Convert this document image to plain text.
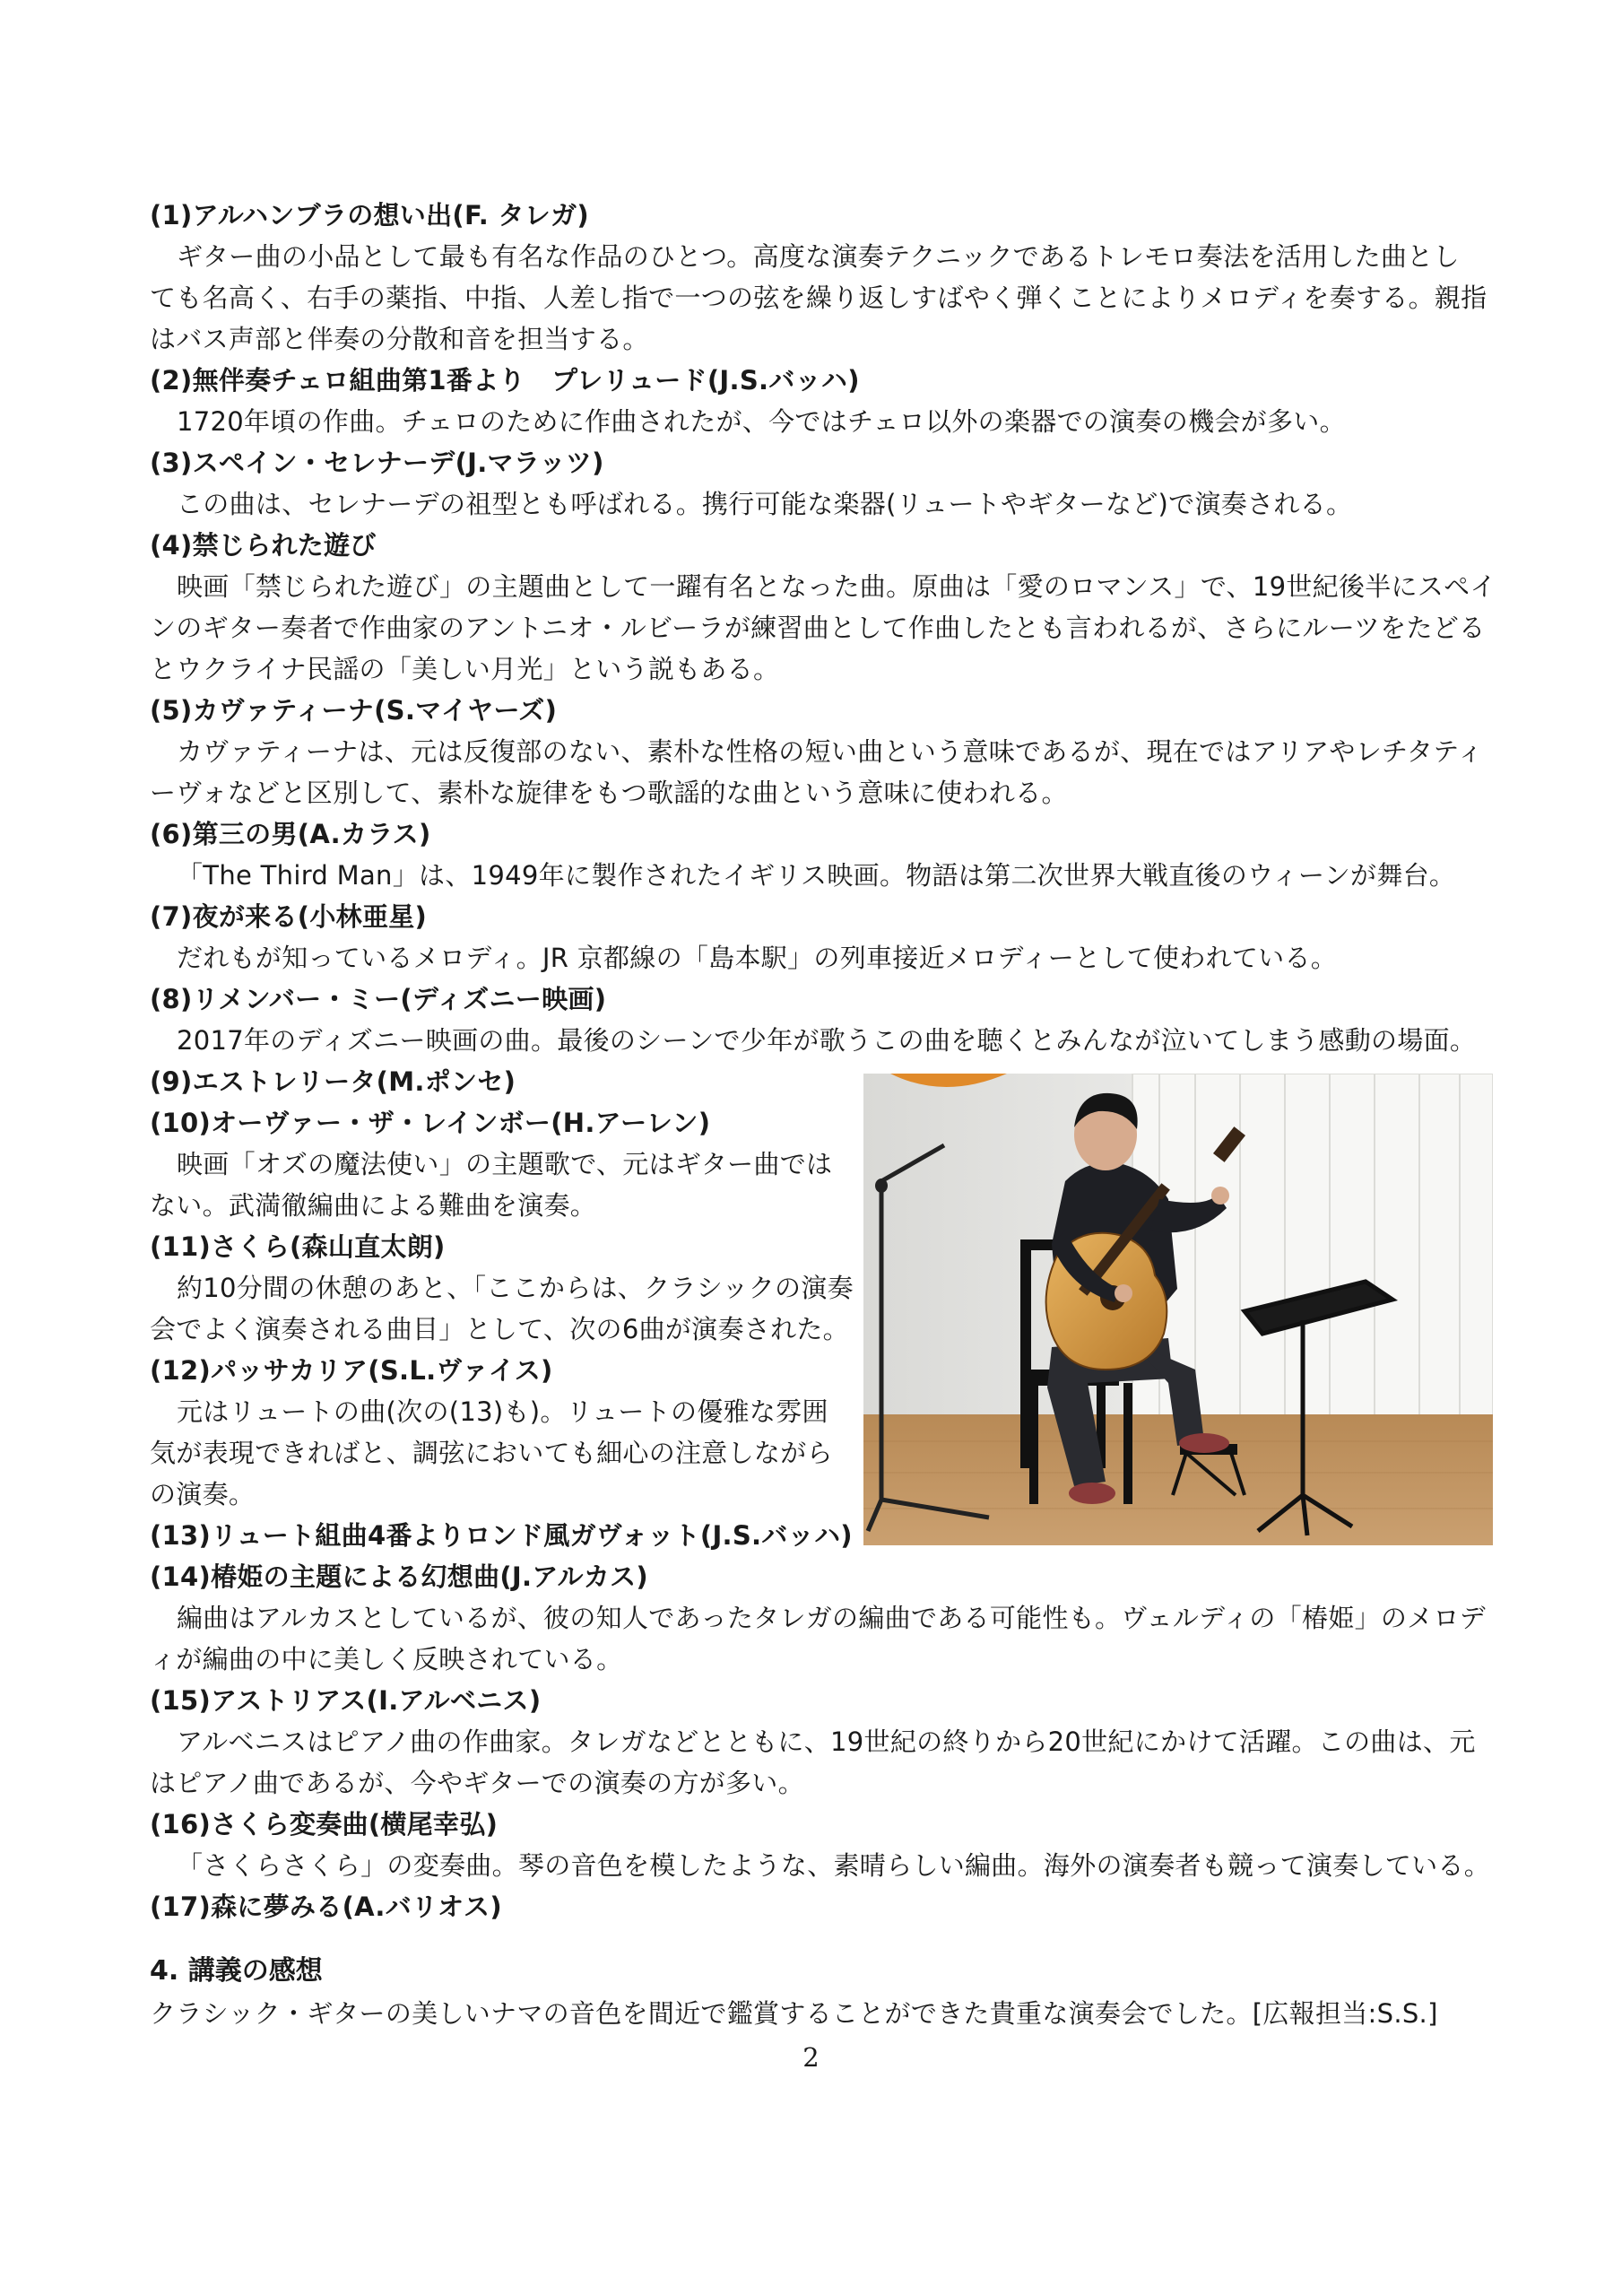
(1)アルハンブラの想い出(F. タレガ)
ギター曲の小品として最も有名な作品のひとつ。高度な演奏テクニックであるトレモロ奏法を活用した曲とし
ても名高く、右手の薬指、中指、人差し指で一つの弦を繰り返しすばやく弾くことによりメロディを奏する。親指
はバス声部と伴奏の分散和音を担当する。
(2)無伴奏チェロ組曲第1番より　プレリュード(J.S.バッハ)
1720年頃の作曲。チェロのために作曲されたが、今ではチェロ以外の楽器での演奏の機会が多い。
(3)スペイン・セレナーデ(J.マラッツ)
この曲は、セレナーデの祖型とも呼ばれる。携行可能な楽器(リュートやギターなど)で演奏される。
(4)禁じられた遊び
映画「禁じられた遊び」の主題曲として一躍有名となった曲。原曲は「愛のロマンス」で、19世紀後半にスペイ
ンのギター奏者で作曲家のアントニオ・ルビーラが練習曲として作曲したとも言われるが、さらにルーツをたどる
とウクライナ民謡の「美しい月光」という説もある。
(5)カヴァティーナ(S.マイヤーズ)
カヴァティーナは、元は反復部のない、素朴な性格の短い曲という意味であるが、現在ではアリアやレチタティ
ーヴォなどと区別して、素朴な旋律をもつ歌謡的な曲という意味に使われる。
(6)第三の男(A.カラス)
「The Third Man」は、1949年に製作されたイギリス映画。物語は第二次世界大戦直後のウィーンが舞台。
(7)夜が来る(小林亜星)
だれもが知っているメロディ。JR 京都線の「島本駅」の列車接近メロディーとして使われている。
(8)リメンバー・ミー(ディズニー映画)
2017年のディズニー映画の曲。最後のシーンで少年が歌うこの曲を聴くとみんなが泣いてしまう感動の場面。
(9)エストレリータ(M.ポンセ)
(10)オーヴァー・ザ・レインボー(H.アーレン)
映画「オズの魔法使い」の主題歌で、元はギター曲では
ない。武満徹編曲による難曲を演奏。
(11)さくら(森山直太朗)
約10分間の休憩のあと、「ここからは、クラシックの演奏
会でよく演奏される曲目」として、次の6曲が演奏された。
(12)パッサカリア(S.L.ヴァイス)
元はリュートの曲(次の(13)も)。リュートの優雅な雰囲
気が表現できればと、調弦においても細心の注意しながら
の演奏。
(13)リュート組曲4番よりロンド風ガヴォット(J.S.バッハ)
(14)椿姫の主題による幻想曲(J.アルカス)
編曲はアルカスとしているが、彼の知人であったタレガの編曲である可能性も。ヴェルディの「椿姫」のメロデ
ィが編曲の中に美しく反映されている。
(15)アストリアス(I.アルベニス)
アルベニスはピアノ曲の作曲家。タレガなどとともに、19世紀の終りから20世紀にかけて活躍。この曲は、元
はピアノ曲であるが、今やギターでの演奏の方が多い。
(16)さくら変奏曲(横尾幸弘)
「さくらさくら」の変奏曲。琴の音色を模したような、素晴らしい編曲。海外の演奏者も競って演奏している。
(17)森に夢みる(A.バリオス)
4. 講義の感想
クラシック・ギターの美しいナマの音色を間近で鑑賞することができた貴重な演奏会でした。[広報担当:S.S.]
2
